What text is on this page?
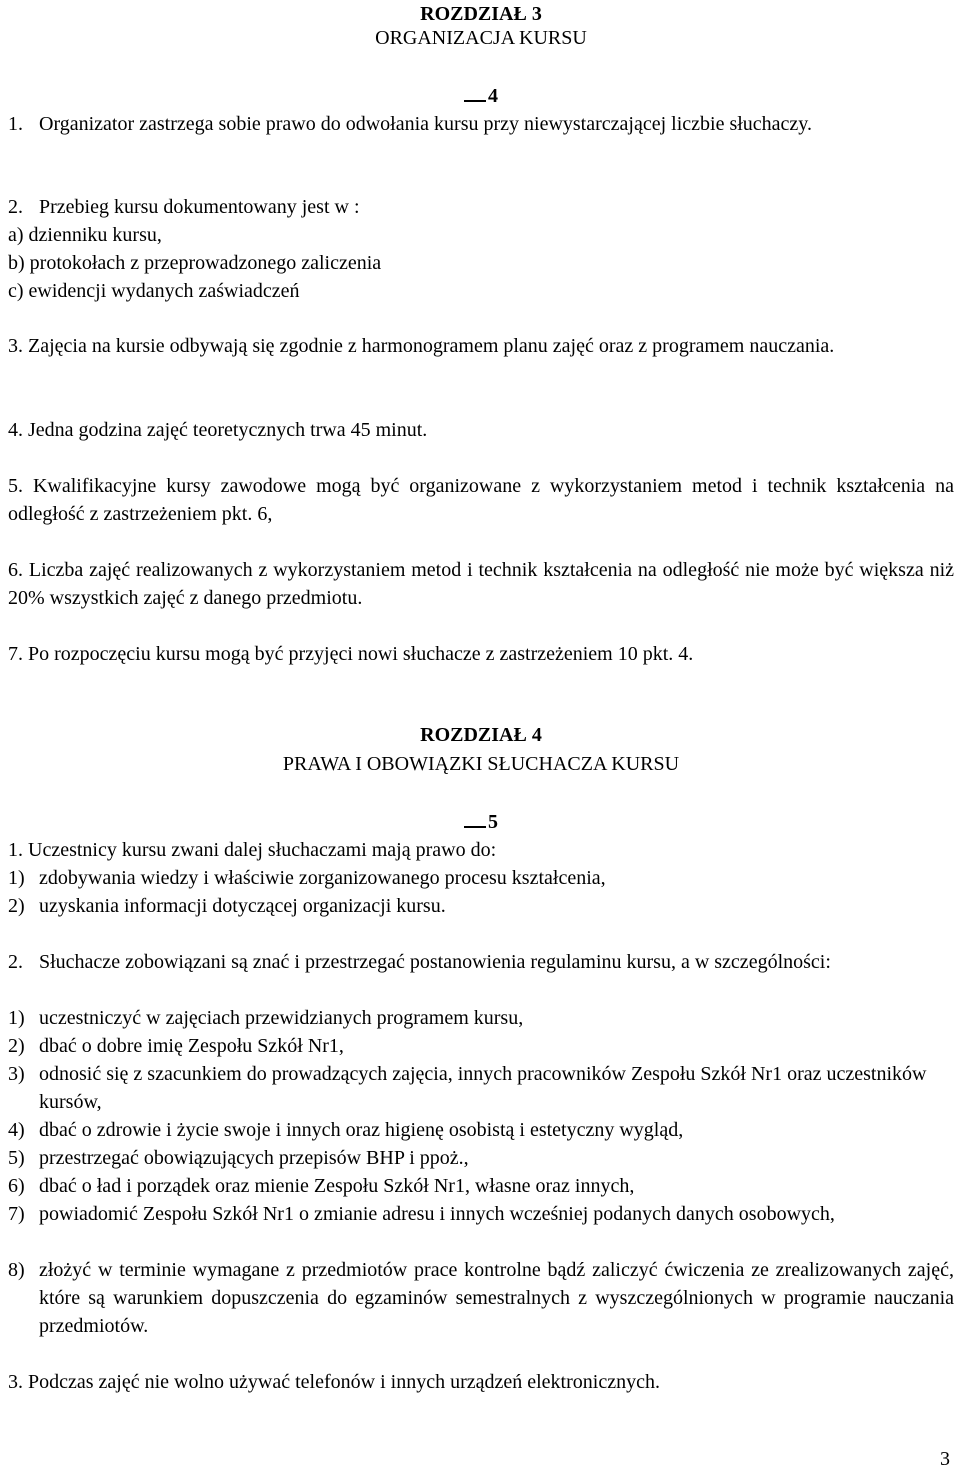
ROZDZIAŁ 3
ORGANIZACJA KURSU
4
1. Organizator zastrzega sobie prawo do odwołania kursu przy niewystarczającej liczbie słuchaczy.
2. Przebieg kursu dokumentowany jest w :
a) dzienniku kursu,
b) protokołach z przeprowadzonego zaliczenia
c) ewidencji wydanych zaświadczeń
3. Zajęcia na kursie odbywają się zgodnie z harmonogramem planu zajęć oraz z programem nauczania.
4. Jedna godzina zajęć teoretycznych trwa 45 minut.
5. Kwalifikacyjne kursy zawodowe mogą być organizowane z wykorzystaniem metod i technik kształcenia na odległość z zastrzeżeniem pkt. 6,
6. Liczba zajęć realizowanych z wykorzystaniem metod i technik kształcenia na odległość nie może być większa niż 20% wszystkich zajęć z danego przedmiotu.
7. Po rozpoczęciu kursu mogą być przyjęci nowi słuchacze z zastrzeżeniem 10 pkt. 4.
ROZDZIAŁ 4
PRAWA I OBOWIĄZKI SŁUCHACZA KURSU
5
1. Uczestnicy kursu zwani dalej słuchaczami mają prawo do:
1) zdobywania wiedzy i właściwie zorganizowanego procesu kształcenia,
2) uzyskania informacji dotyczącej organizacji kursu.
2. Słuchacze zobowiązani są znać i przestrzegać postanowienia regulaminu kursu, a w szczególności:
1) uczestniczyć w zajęciach przewidzianych programem kursu,
2) dbać o dobre imię Zespołu Szkół Nr1,
3) odnosić się z szacunkiem do prowadzących zajęcia, innych pracowników Zespołu Szkół Nr1 oraz uczestników kursów,
4) dbać o zdrowie i życie swoje i innych oraz higienę osobistą i estetyczny wygląd,
5) przestrzegać obowiązujących przepisów BHP i ppoż.,
6) dbać o ład i porządek oraz mienie Zespołu Szkół Nr1, własne oraz innych,
7) powiadomić Zespołu Szkół Nr1 o zmianie adresu i innych wcześniej podanych danych osobowych,
8) złożyć w terminie wymagane z przedmiotów prace kontrolne bądź zaliczyć ćwiczenia ze zrealizowanych zajęć, które są warunkiem dopuszczenia do egzaminów semestralnych z wyszczególnionych w programie nauczania przedmiotów.
3. Podczas zajęć nie wolno używać telefonów i innych urządzeń elektronicznych.
3
